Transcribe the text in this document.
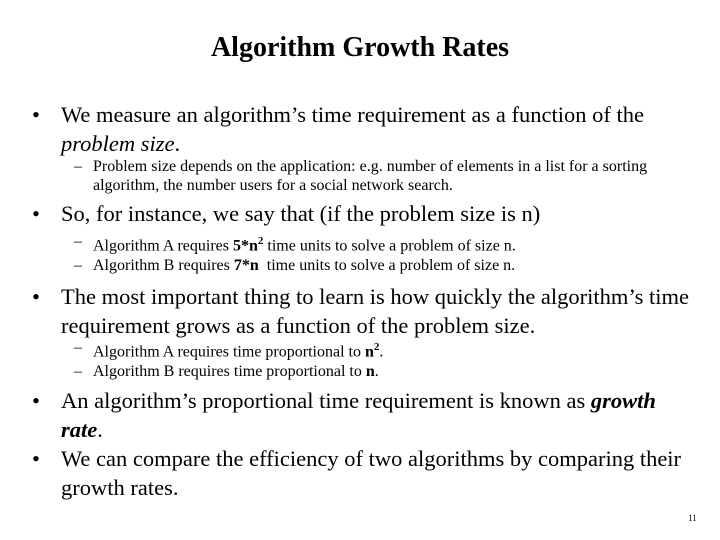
Algorithm Growth Rates
• We measure an algorithm’s time requirement as a function of the problem size.
– Problem size depends on the application: e.g. number of elements in a list for a sorting algorithm, the number users for a social network search.
• So, for instance, we say that (if the problem size is n)
– Algorithm A requires $5*n^2$ time units to solve a problem of size n.
– Algorithm B requires 7*n  time units to solve a problem of size n.
• The most important thing to learn is how quickly the algorithm’s time requirement grows as a function of the problem size.
– Algorithm A requires time proportional to $n^2$.
– Algorithm B requires time proportional to n.
• An algorithm’s proportional time requirement is known as growth rate.
• We can compare the efficiency of two algorithms by comparing their growth rates.
11
